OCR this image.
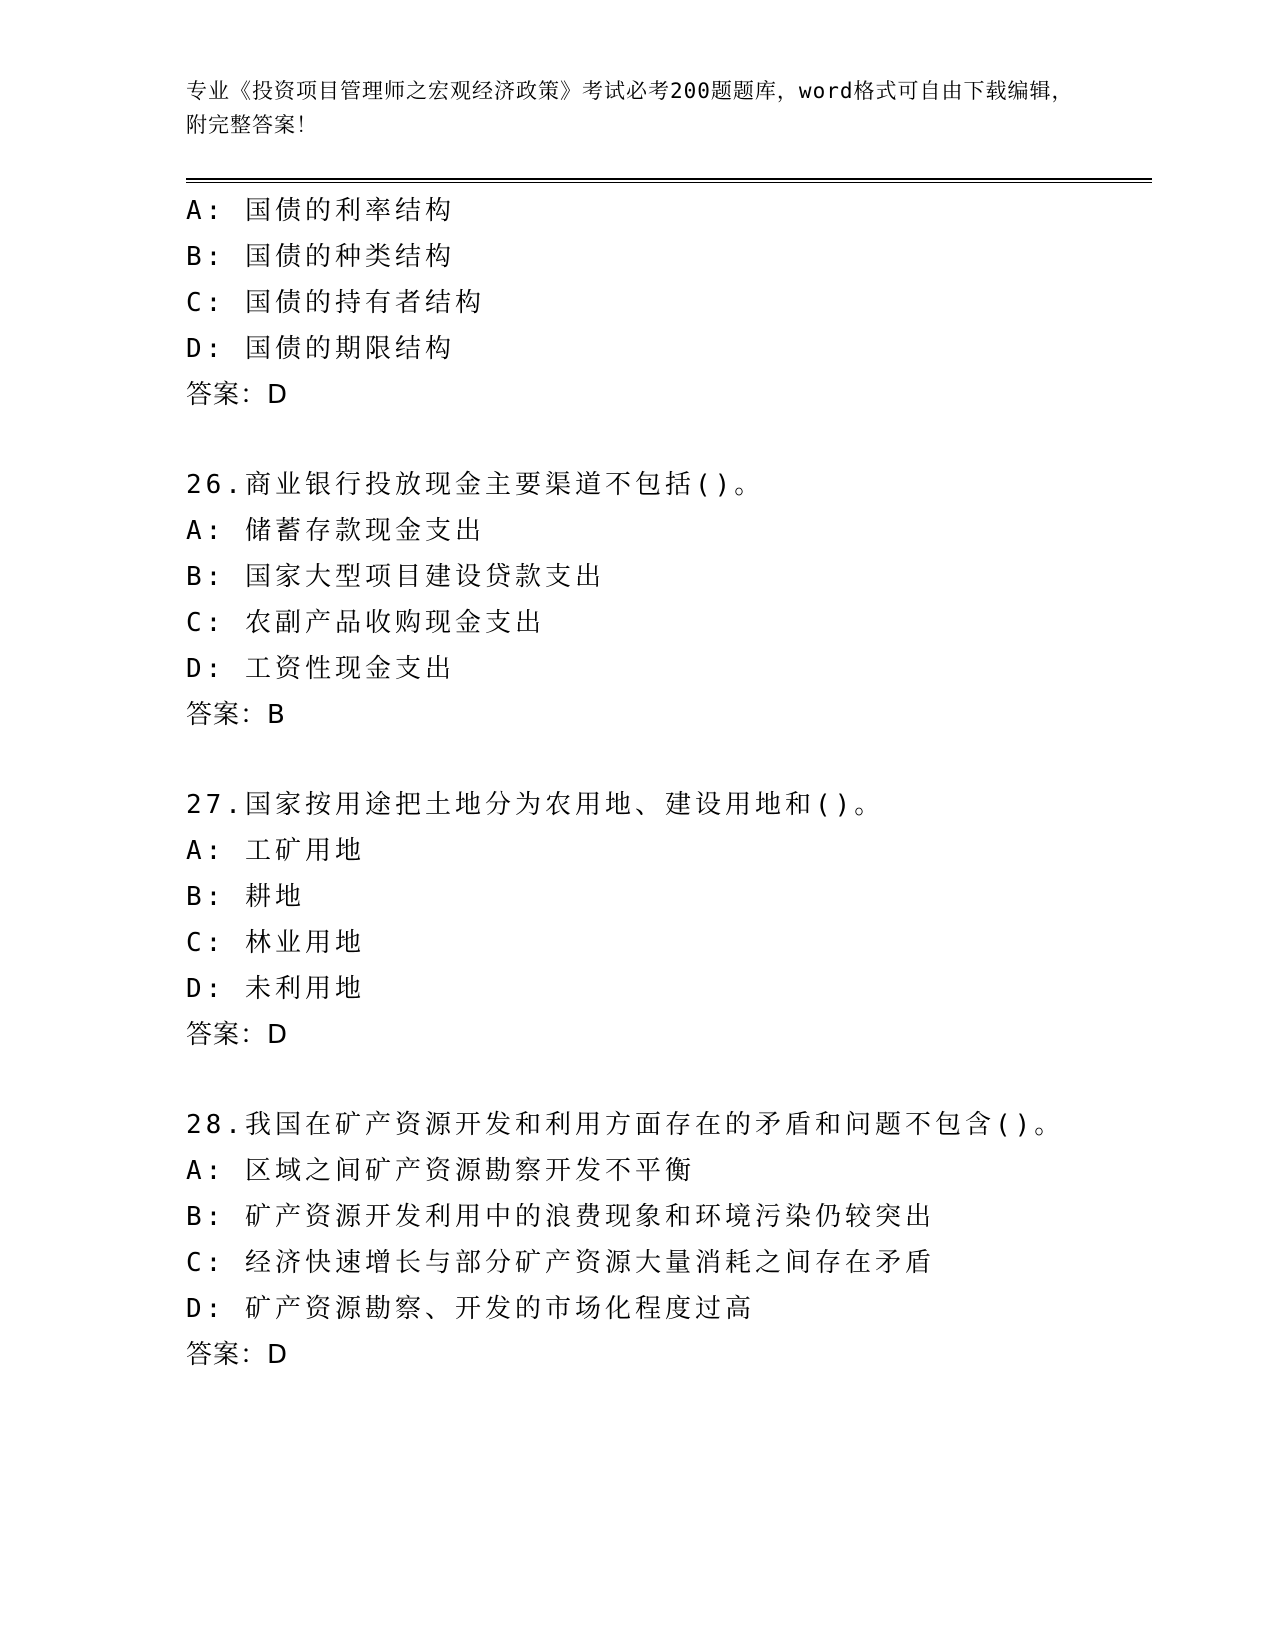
专业《投资项目管理师之宏观经济政策》考试必考200题题库，word格式可自由下载编辑，附完整答案！
A: 国债的利率结构
B: 国债的种类结构
C: 国债的持有者结构
D: 国债的期限结构
答案：D
26.商业银行投放现金主要渠道不包括()。
A: 储蓄存款现金支出
B: 国家大型项目建设贷款支出
C: 农副产品收购现金支出
D: 工资性现金支出
答案：B
27.国家按用途把土地分为农用地、建设用地和()。
A: 工矿用地
B: 耕地
C: 林业用地
D: 未利用地
答案：D
28.我国在矿产资源开发和利用方面存在的矛盾和问题不包含()。
A: 区域之间矿产资源勘察开发不平衡
B: 矿产资源开发利用中的浪费现象和环境污染仍较突出
C: 经济快速增长与部分矿产资源大量消耗之间存在矛盾
D: 矿产资源勘察、开发的市场化程度过高
答案：D
